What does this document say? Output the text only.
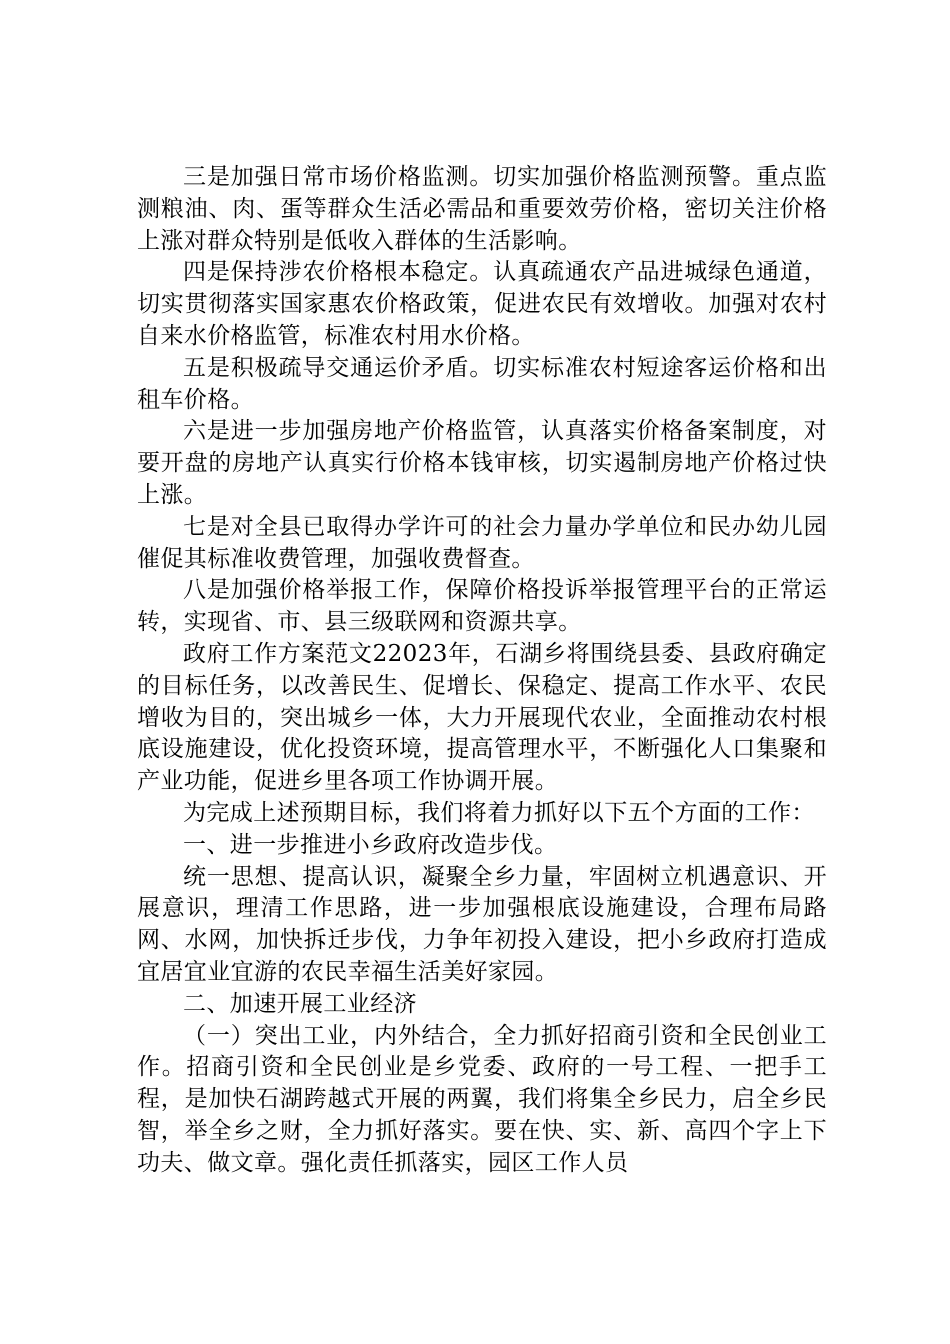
三是加强日常市场价格监测。切实加强价格监测预警。重点监测粮油、肉、蛋等群众生活必需品和重要效劳价格，密切关注价格上涨对群众特别是低收入群体的生活影响。

四是保持涉农价格根本稳定。认真疏通农产品进城绿色通道，切实贯彻落实国家惠农价格政策，促进农民有效增收。加强对农村自来水价格监管，标准农村用水价格。

五是积极疏导交通运价矛盾。切实标准农村短途客运价格和出租车价格。

六是进一步加强房地产价格监管，认真落实价格备案制度，对要开盘的房地产认真实行价格本钱审核，切实遏制房地产价格过快上涨。

七是对全县已取得办学许可的社会力量办学单位和民办幼儿园催促其标准收费管理，加强收费督查。

八是加强价格举报工作，保障价格投诉举报管理平台的正常运转，实现省、市、县三级联网和资源共享。

政府工作方案范文22023年，石湖乡将围绕县委、县政府确定的目标任务，以改善民生、促增长、保稳定、提高工作水平、农民增收为目的，突出城乡一体，大力开展现代农业，全面推动农村根底设施建设，优化投资环境，提高管理水平，不断强化人口集聚和产业功能，促进乡里各项工作协调开展。

为完成上述预期目标，我们将着力抓好以下五个方面的工作：

一、进一步推进小乡政府改造步伐。

统一思想、提高认识，凝聚全乡力量，牢固树立机遇意识、开展意识，理清工作思路，进一步加强根底设施建设，合理布局路网、水网，加快拆迁步伐，力争年初投入建设，把小乡政府打造成宜居宜业宜游的农民幸福生活美好家园。

二、加速开展工业经济

（一）突出工业，内外结合，全力抓好招商引资和全民创业工作。招商引资和全民创业是乡党委、政府的一号工程、一把手工程，是加快石湖跨越式开展的两翼，我们将集全乡民力，启全乡民智，举全乡之财，全力抓好落实。要在快、实、新、高四个字上下功夫、做文章。强化责任抓落实，园区工作人员
